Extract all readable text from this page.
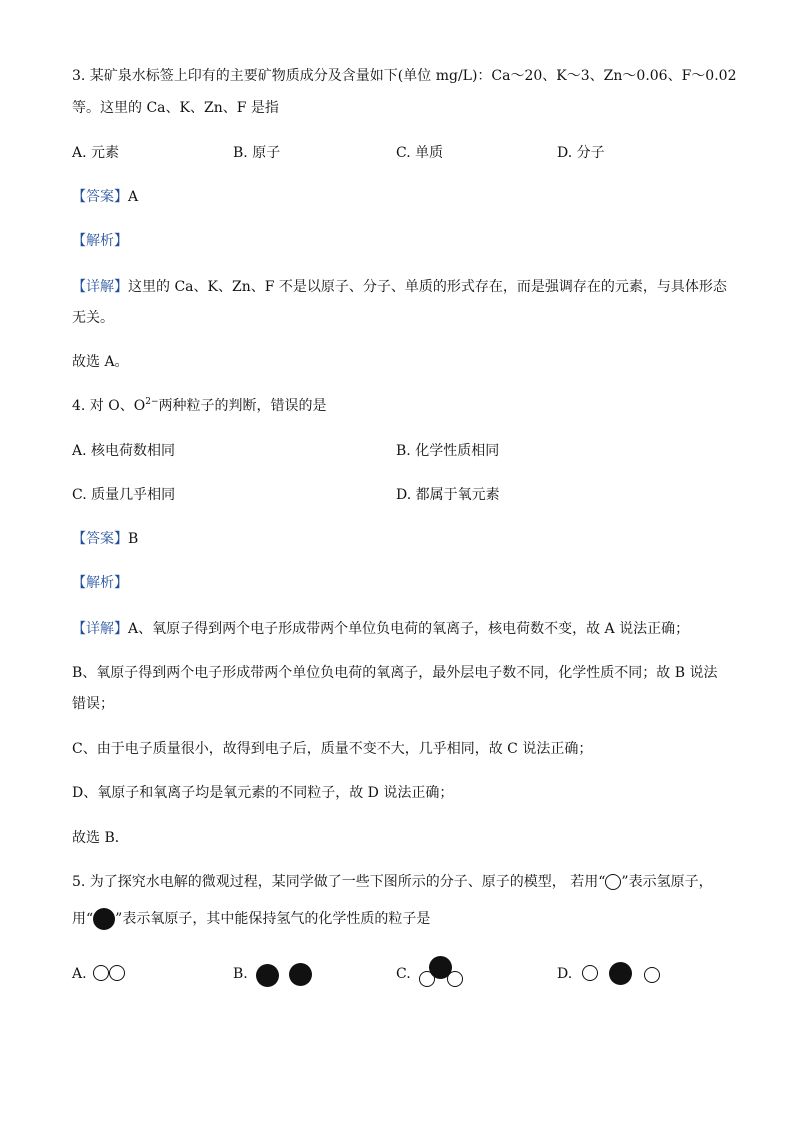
3. 某矿泉水标签上印有的主要矿物质成分及含量如下(单位 mg/L)：Ca～20、K～3、Zn～0.06、F～0.02
等。这里的 Ca、K、Zn、F 是指
A. 元素	B. 原子	C. 单质	D. 分子
【答案】A
【解析】
【详解】这里的 Ca、K、Zn、F 不是以原子、分子、单质的形式存在，而是强调存在的元素，与具体形态
无关。
故选 A。
4. 对 O、$O^{2-}$两种粒子的判断，错误的是
A. 核电荷数相同	B. 化学性质相同
C. 质量几乎相同	D. 都属于氧元素
【答案】B
【解析】
【详解】A、氧原子得到两个电子形成带两个单位负电荷的氧离子，核电荷数不变，故 A 说法正确；
B、氧原子得到两个电子形成带两个单位负电荷的氧离子，最外层电子数不同，化学性质不同；故 B 说法
错误；
C、由于电子质量很小，故得到电子后，质量不变不大，几乎相同，故 C 说法正确；
D、氧原子和氧离子均是氧元素的不同粒子，故 D 说法正确；
故选 B．
5. 为了探究水电解的微观过程，某同学做了一些下图所示的分子、原子的模型， 若用“ ”表示氢原子，
用“ ”表示氧原子，其中能保持氢气的化学性质的粒子是
A.	B.	C.	D.
